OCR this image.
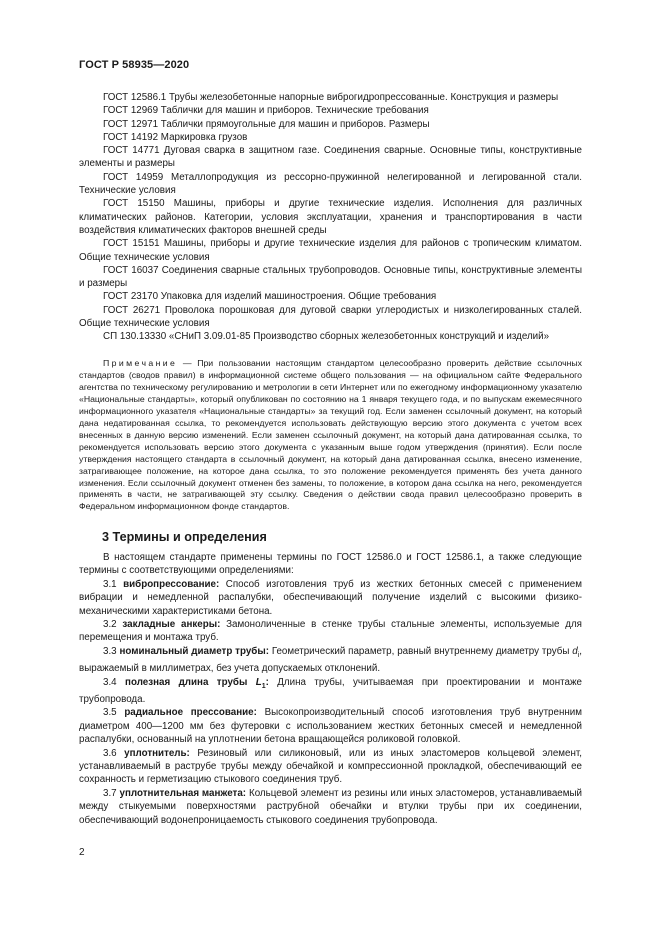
ГОСТ Р 58935—2020

ГОСТ 12586.1 Трубы железобетонные напорные виброгидропрессованные. Конструкция и размеры

ГОСТ 12969 Таблички для машин и приборов. Технические требования

ГОСТ 12971 Таблички прямоугольные для машин и приборов. Размеры

ГОСТ 14192 Маркировка грузов

ГОСТ 14771 Дуговая сварка в защитном газе. Соединения сварные. Основные типы, конструктивные элементы и размеры

ГОСТ 14959 Металлопродукция из рессорно-пружинной нелегированной и легированной стали. Технические условия

ГОСТ 15150 Машины, приборы и другие технические изделия. Исполнения для различных климатических районов. Категории, условия эксплуатации, хранения и транспортирования в части воздействия климатических факторов внешней среды

ГОСТ 15151 Машины, приборы и другие технические изделия для районов с тропическим климатом. Общие технические условия

ГОСТ 16037 Соединения сварные стальных трубопроводов. Основные типы, конструктивные элементы и размеры

ГОСТ 23170 Упаковка для изделий машиностроения. Общие требования

ГОСТ 26271 Проволока порошковая для дуговой сварки углеродистых и низколегированных сталей. Общие технические условия

СП 130.13330 «СНиП 3.09.01-85 Производство сборных железобетонных конструкций и изделий»

Примечание — При пользовании настоящим стандартом целесообразно проверить действие ссылочных стандартов (сводов правил) в информационной системе общего пользования — на официальном сайте Федерального агентства по техническому регулированию и метрологии в сети Интернет или по ежегодному информационному указателю «Национальные стандарты», который опубликован по состоянию на 1 января текущего года, и по выпускам ежемесячного информационного указателя «Национальные стандарты» за текущий год. Если заменен ссылочный документ, на который дана недатированная ссылка, то рекомендуется использовать действующую версию этого документа с учетом всех внесенных в данную версию изменений. Если заменен ссылочный документ, на который дана датированная ссылка, то рекомендуется использовать версию этого документа с указанным выше годом утверждения (принятия). Если после утверждения настоящего стандарта в ссылочный документ, на который дана датированная ссылка, внесено изменение, затрагивающее положение, на которое дана ссылка, то это положение рекомендуется применять без учета данного изменения. Если ссылочный документ отменен без замены, то положение, в котором дана ссылка на него, рекомендуется применять в части, не затрагивающей эту ссылку. Сведения о действии свода правил целесообразно проверить в Федеральном информационном фонде стандартов.
3 Термины и определения

В настоящем стандарте применены термины по ГОСТ 12586.0 и ГОСТ 12586.1, а также следующие термины с соответствующими определениями:

3.1 вибропрессование: Способ изготовления труб из жестких бетонных смесей с применением вибрации и немедленной распалубки, обеспечивающий получение изделий с высокими физико-механическими характеристиками бетона.

3.2 закладные анкеры: Замоноличенные в стенке трубы стальные элементы, используемые для перемещения и монтажа труб.

3.3 номинальный диаметр трубы: Геометрический параметр, равный внутреннему диаметру трубы $d_i$, выражаемый в миллиметрах, без учета допускаемых отклонений.

3.4 полезная длина трубы $L_1$: Длина трубы, учитываемая при проектировании и монтаже трубопровода.

3.5 радиальное прессование: Высокопроизводительный способ изготовления труб внутренним диаметром 400—1200 мм без футеровки с использованием жестких бетонных смесей и немедленной распалубки, основанный на уплотнении бетона вращающейся роликовой головкой.

3.6 уплотнитель: Резиновый или силиконовый, или из иных эластомеров кольцевой элемент, устанавливаемый в раструбе трубы между обечайкой и компрессионной прокладкой, обеспечивающий ее сохранность и герметизацию стыкового соединения труб.

3.7 уплотнительная манжета: Кольцевой элемент из резины или иных эластомеров, устанавливаемый между стыкуемыми поверхностями раструбной обечайки и втулки трубы при их соединении, обеспечивающий водонепроницаемость стыкового соединения трубопровода.

2
